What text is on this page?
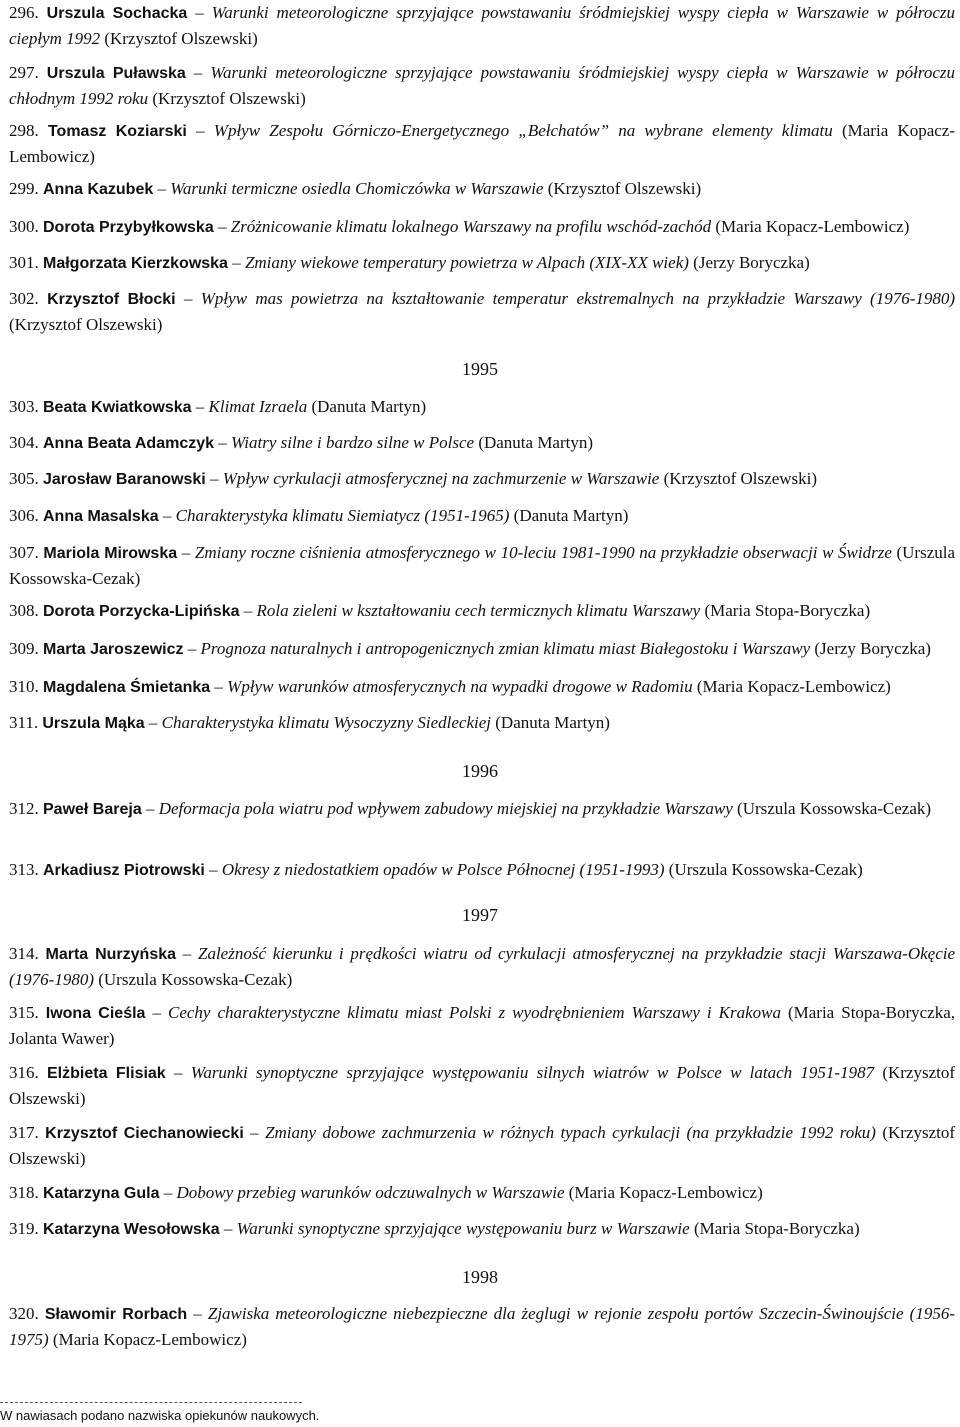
296. Urszula Sochacka – Warunki meteorologiczne sprzyjające powstawaniu śródmiejskiej wyspy ciepła w Warszawie w półroczu ciepłym 1992 (Krzysztof Olszewski)
297. Urszula Puławska – Warunki meteorologiczne sprzyjające powstawaniu śródmiejskiej wyspy ciepła w Warszawie w półroczu chłodnym 1992 roku (Krzysztof Olszewski)
298. Tomasz Koziarski – Wpływ Zespołu Górniczo-Energetycznego „Bełchatów” na wybrane elementy klimatu (Maria Kopacz-Lembowicz)
299. Anna Kazubek – Warunki termiczne osiedla Chomiczówka w Warszawie (Krzysztof Olszewski)
300. Dorota Przybyłkowska – Zróżnicowanie klimatu lokalnego Warszawy na profilu wschód-zachód (Maria Kopacz-Lembowicz)
301. Małgorzata Kierzkowska – Zmiany wiekowe temperatury powietrza w Alpach (XIX-XX wiek) (Jerzy Boryczka)
302. Krzysztof Błocki – Wpływ mas powietrza na kształtowanie temperatur ekstremalnych na przykładzie Warszawy (1976-1980) (Krzysztof Olszewski)
1995
303. Beata Kwiatkowska – Klimat Izraela (Danuta Martyn)
304. Anna Beata Adamczyk – Wiatry silne i bardzo silne w Polsce (Danuta Martyn)
305. Jarosław Baranowski – Wpływ cyrkulacji atmosferycznej na zachmurzenie w Warszawie (Krzysztof Olszewski)
306. Anna Masalska – Charakterystyka klimatu Siemiatycz (1951-1965) (Danuta Martyn)
307. Mariola Mirowska – Zmiany roczne ciśnienia atmosferycznego w 10-leciu 1981-1990 na przykładzie obserwacji w Świdrze (Urszula Kossowska-Cezak)
308. Dorota Porzycka-Lipińska – Rola zieleni w kształtowaniu cech termicznych klimatu Warszawy (Maria Stopa-Boryczka)
309. Marta Jaroszewicz – Prognoza naturalnych i antropogenicznych zmian klimatu miast Białegostoku i Warszawy (Jerzy Boryczka)
310. Magdalena Śmietanka – Wpływ warunków atmosferycznych na wypadki drogowe w Radomiu (Maria Kopacz-Lembowicz)
311. Urszula Mąka – Charakterystyka klimatu Wysoczyzny Siedleckiej (Danuta Martyn)
1996
312. Paweł Bareja – Deformacja pola wiatru pod wpływem zabudowy miejskiej na przykładzie Warszawy (Urszula Kossowska-Cezak)
313. Arkadiusz Piotrowski – Okresy z niedostatkiem opadów w Polsce Północnej (1951-1993) (Urszula Kossowska-Cezak)
1997
314. Marta Nurzyńska – Zależność kierunku i prędkości wiatru od cyrkulacji atmosferycznej na przykładzie stacji Warszawa-Okęcie (1976-1980) (Urszula Kossowska-Cezak)
315. Iwona Cieśla – Cechy charakterystyczne klimatu miast Polski z wyodrębnieniem Warszawy i Krakowa (Maria Stopa-Boryczka, Jolanta Wawer)
316. Elżbieta Flisiak – Warunki synoptyczne sprzyjające występowaniu silnych wiatrów w Polsce w latach 1951-1987 (Krzysztof Olszewski)
317. Krzysztof Ciechanowiecki – Zmiany dobowe zachmurzenia w różnych typach cyrkulacji (na przykładzie 1992 roku) (Krzysztof Olszewski)
318. Katarzyna Gula – Dobowy przebieg warunków odczuwalnych w Warszawie (Maria Kopacz-Lembowicz)
319. Katarzyna Wesołowska – Warunki synoptyczne sprzyjające występowaniu burz w Warszawie (Maria Stopa-Boryczka)
1998
320. Sławomir Rorbach – Zjawiska meteorologiczne niebezpieczne dla żeglugi w rejonie zespołu portów Szczecin-Świnoujście (1956-1975) (Maria Kopacz-Lembowicz)
W nawiasach podano nazwiska opiekunów naukowych.
